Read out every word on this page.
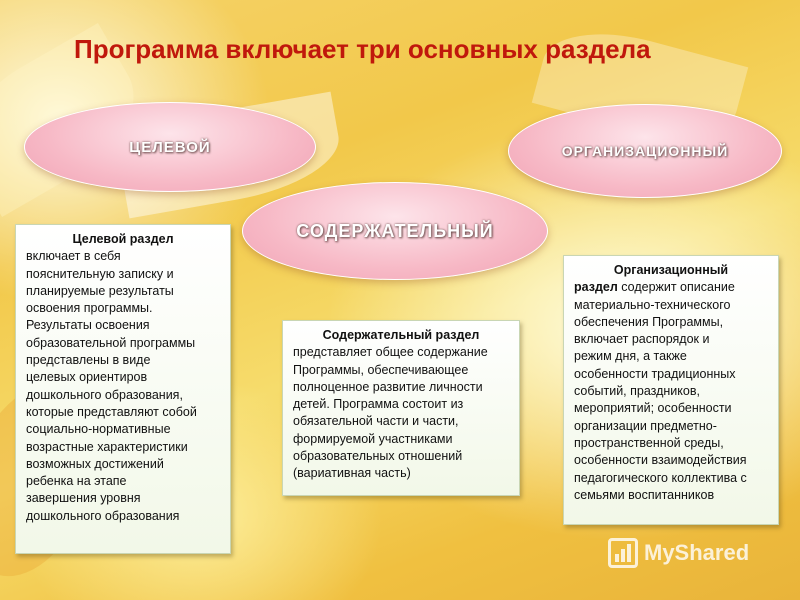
Программа включает три основных раздела
ЦЕЛЕВОЙ
СОДЕРЖАТЕЛЬНЫЙ
ОРГАНИЗАЦИОННЫЙ
Целевой раздел
включает в себя
пояснительную записку и
планируемые результаты
освоения программы.
Результаты освоения
образовательной программы
представлены в виде
целевых ориентиров
дошкольного образования,
которые представляют собой
социально-нормативные
возрастные характеристики
возможных достижений
ребенка на этапе
завершения уровня
дошкольного образования
Содержательный раздел
представляет общее содержание
Программы, обеспечивающее
полноценное развитие личности
детей. Программа состоит из
обязательной части и части,
формируемой участниками
образовательных отношений
(вариативная часть)
Организационный
раздел содержит описание
материально-технического
обеспечения Программы,
включает распорядок и
режим дня, а также
особенности традиционных
событий, праздников,
мероприятий; особенности
организации предметно-
пространственной среды,
особенности взаимодействия
педагогического коллектива с
семьями воспитанников
MyShared
